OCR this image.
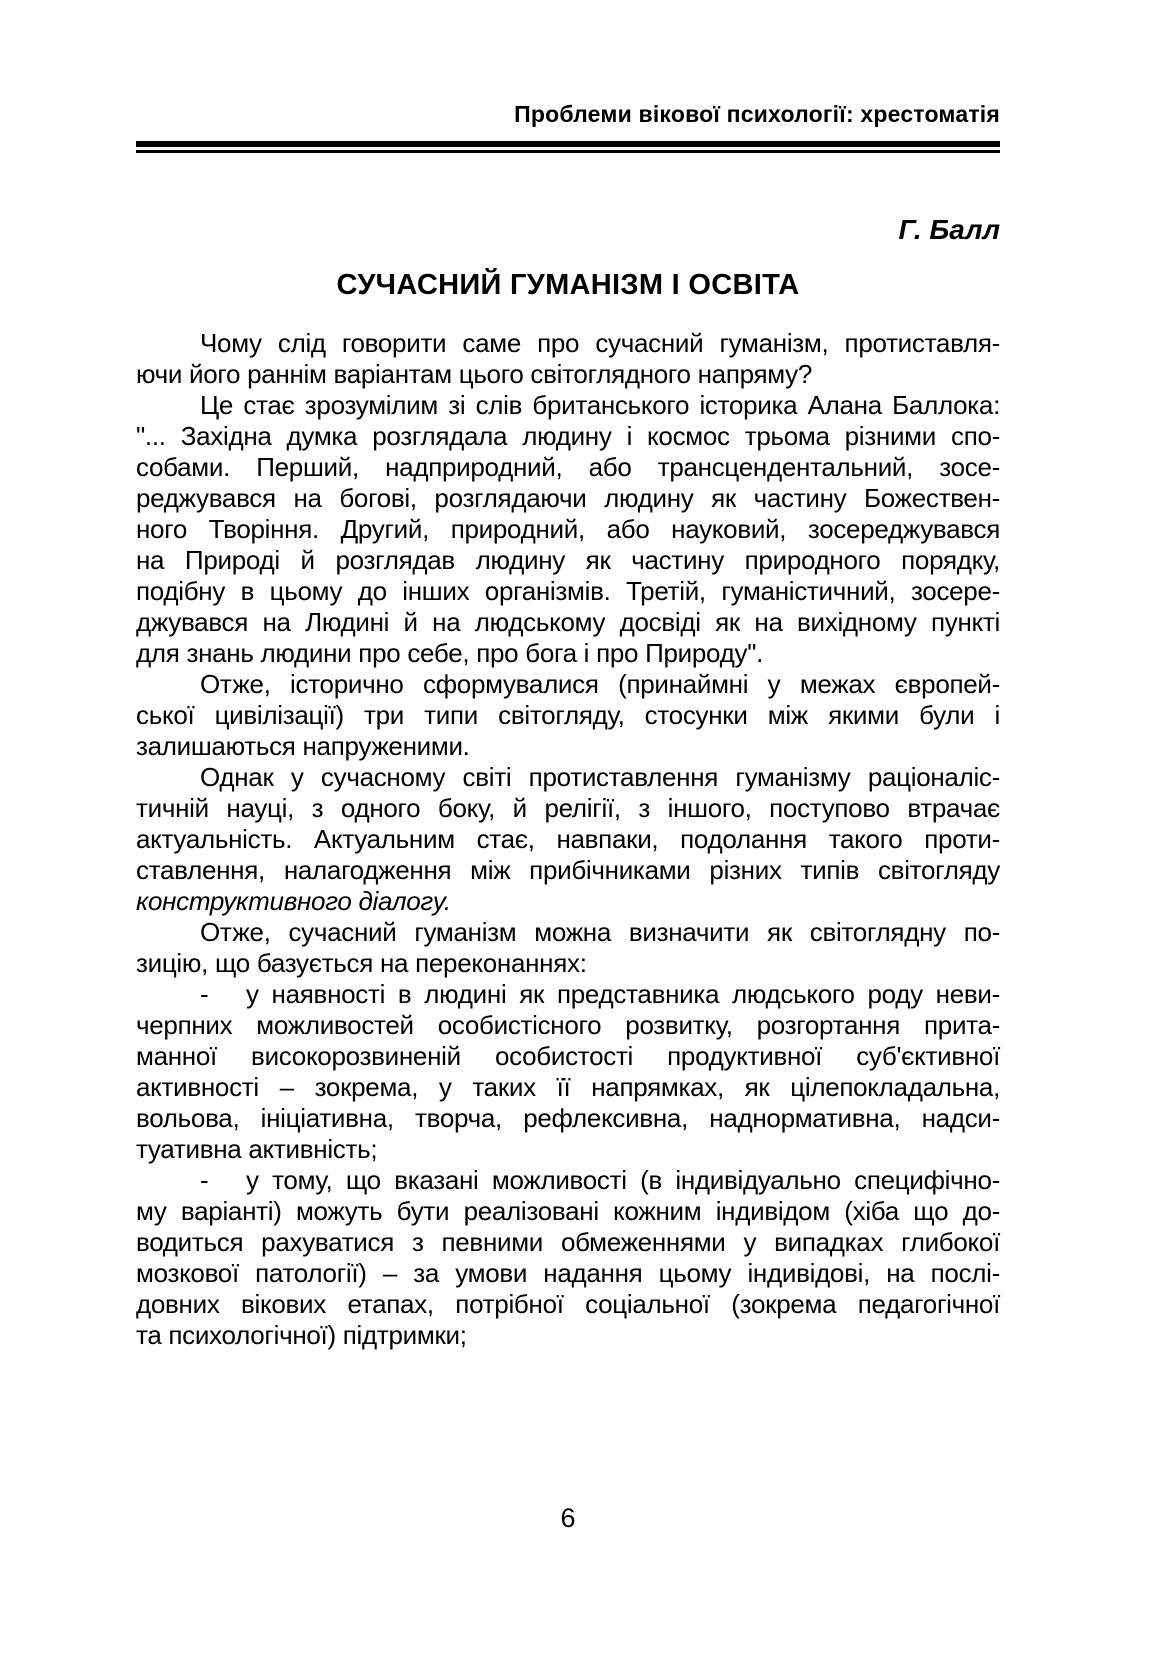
Проблеми вікової психології: хрестоматія
Г. Балл
СУЧАСНИЙ ГУМАНІЗМ І ОСВІТА
Чому слід говорити саме про сучасний гуманізм, протиставля-
ючи його раннім варіантам цього світоглядного напряму?
Це стає зрозумілим зі слів британського історика Алана Баллока:
"... Західна думка розглядала людину і космос трьома різними спо-
собами. Перший, надприродний, або трансцендентальний, зосе-
реджувався на богові, розглядаючи людину як частину Божествен-
ного Творіння. Другий, природний, або науковий, зосереджувався
на Природі й розглядав людину як частину природного порядку,
подібну в цьому до інших організмів. Третій, гуманістичний, зосере-
джувався на Людині й на людському досвіді як на вихідному пункті
для знань людини про себе, про бога і про Природу".
Отже, історично сформувалися (принаймні у межах європей-
ської цивілізації) три типи світогляду, стосунки між якими були і
залишаються напруженими.
Однак у сучасному світі протиставлення гуманізму раціоналіс-
тичній науці, з одного боку, й релігії, з іншого, поступово втрачає
актуальність. Актуальним стає, навпаки, подолання такого проти-
ставлення, налагодження між прибічниками різних типів світогляду
конструктивного діалогу.
Отже, сучасний гуманізм можна визначити як світоглядну по-
зицію, що базується на переконаннях:
- у наявності в людині як представника людського роду неви-
черпних можливостей особистісного розвитку, розгортання прита-
манної високорозвиненій особистості продуктивної суб'єктивної
активності – зокрема, у таких її напрямках, як цілепокладальна,
вольова, ініціативна, творча, рефлексивна, наднормативна, надси-
туативна активність;
- у тому, що вказані можливості (в індивідуально специфічно-
му варіанті) можуть бути реалізовані кожним індивідом (хіба що до-
водиться рахуватися з певними обмеженнями у випадках глибокої
мозкової патології) – за умови надання цьому індивідові, на послі-
довних вікових етапах, потрібної соціальної (зокрема педагогічної
та психологічної) підтримки;
6
